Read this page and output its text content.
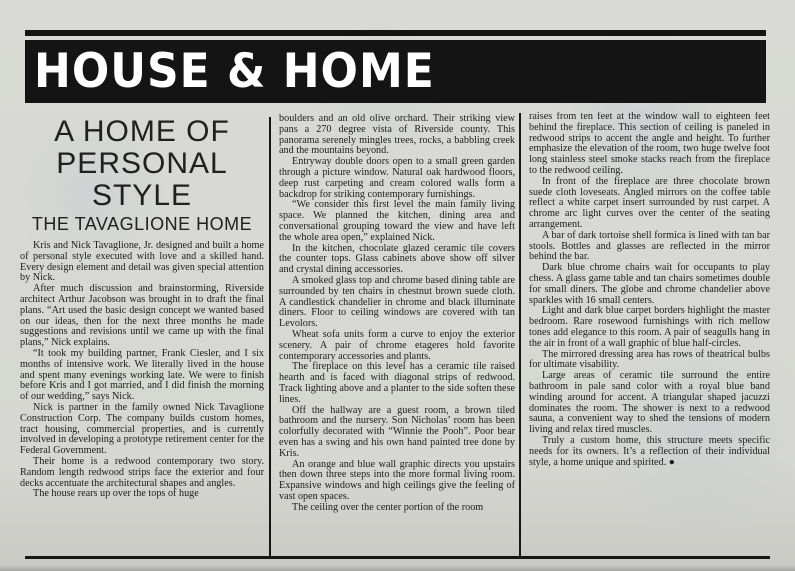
HOUSE & HOME
A HOME OF
PERSONAL
STYLE
THE TAVAGLIONE HOME

Kris and Nick Tavaglione, Jr. designed and built a home of personal style executed with love and a skilled hand. Every design element and detail was given special attention by Nick.

After much discussion and brainstorming, Riverside architect Arthur Jacobson was brought in to draft the final plans. “Art used the basic design concept we wanted based on our ideas, then for the next three months he made suggestions and revisions until we came up with the final plans,” Nick explains.

“It took my building partner, Frank Ciesler, and I six months of intensive work. We literally lived in the house and spent many evenings working late. We were to finish before Kris and I got married, and I did finish the morning of our wedding,” says Nick.

Nick is partner in the family owned Nick Tavaglione Construction Corp. The company builds custom homes, tract housing, commercial properties, and is currently involved in developing a prototype retirement center for the Federal Government.

Their home is a redwood contemporary two story. Random length redwood strips face the exterior and four decks accentuate the architectural shapes and angles.

The house rears up over the tops of huge

boulders and an old olive orchard. Their striking view pans a 270 degree vista of Riverside county. This panorama serenely mingles trees, rocks, a babbling creek and the mountains beyond.

Entryway double doors open to a small green garden through a picture window. Natural oak hardwood floors, deep rust carpeting and cream colored walls form a backdrop for striking contemporary furnishings.

“We consider this first level the main family living space. We planned the kitchen, dining area and conversational grouping toward the view and have left the whole area open,” explained Nick.

In the kitchen, chocolate glazed ceramic tile covers the counter tops. Glass cabinets above show off silver and crystal dining accessories.

A smoked glass top and chrome based dining table are surrounded by ten chairs in chestnut brown suede cloth. A candlestick chandelier in chrome and black illuminate diners. Floor to ceiling windows are covered with tan Levolors.

Wheat sofa units form a curve to enjoy the exterior scenery. A pair of chrome etageres hold favorite contemporary accessories and plants.

The fireplace on this level has a ceramic tile raised hearth and is faced with diagonal strips of redwood. Track lighting above and a planter to the side soften these lines.

Off the hallway are a guest room, a brown tiled bathroom and the nursery. Son Nicholas’ room has been colorfully decorated with “Winnie the Pooh”. Poor bear even has a swing and his own hand painted tree done by Kris.

An orange and blue wall graphic directs you upstairs then down three steps into the more formal living room. Expansive windows and high ceilings give the feeling of vast open spaces.

The ceiling over the center portion of the room

raises from ten feet at the window wall to eighteen feet behind the fireplace. This section of ceiling is paneled in redwood strips to accent the angle and height. To further emphasize the elevation of the room, two huge twelve foot long stainless steel smoke stacks reach from the fireplace to the redwood ceiling.

In front of the fireplace are three chocolate brown suede cloth loveseats. Angled mirrors on the coffee table reflect a white carpet insert surrounded by rust carpet. A chrome arc light curves over the center of the seating arrangement.

A bar of dark tortoise shell formica is lined with tan bar stools. Bottles and glasses are reflected in the mirror behind the bar.

Dark blue chrome chairs wait for occupants to play chess. A glass game table and tan chairs sometimes double for small diners. The globe and chrome chandelier above sparkles with 16 small centers.

Light and dark blue carpet borders highlight the master bedroom. Rare rosewood furnishings with rich mellow tones add elegance to this room. A pair of seagulls hang in the air in front of a wall graphic of blue half-circles.

The mirrored dressing area has rows of theatrical bulbs for ultimate visability.

Large areas of ceramic tile surround the entire bathroom in pale sand color with a royal blue band winding around for accent. A triangular shaped jacuzzi dominates the room. The shower is next to a redwood sauna, a convenient way to shed the tensions of modern living and relax tired muscles.

Truly a custom home, this structure meets specific needs for its owners. It’s a reflection of their individual style, a home unique and spirited. ●
